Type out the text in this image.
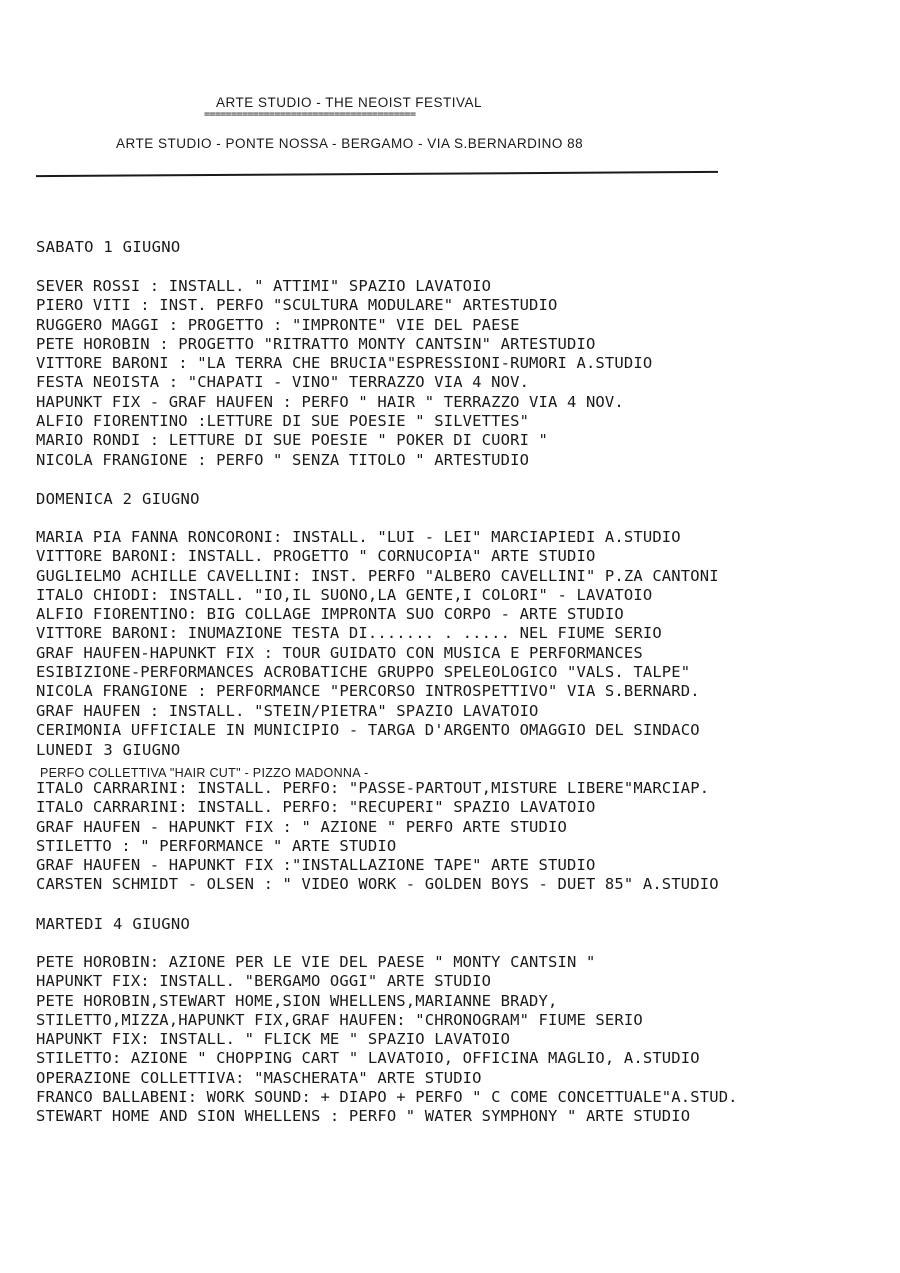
ARTE STUDIO - THE NEOIST FESTIVAL
=======================================
ARTE STUDIO - PONTE NOSSA - BERGAMO - VIA S.BERNARDINO 88
SABATO 1 GIUGNO
SEVER ROSSI : INSTALL. " ATTIMI" SPAZIO LAVATOIO
PIERO VITI : INST. PERFO "SCULTURA MODULARE" ARTESTUDIO
RUGGERO MAGGI : PROGETTO : "IMPRONTE" VIE DEL PAESE
PETE HOROBIN : PROGETTO "RITRATTO MONTY CANTSIN" ARTESTUDIO
VITTORE BARONI : "LA TERRA CHE BRUCIA"ESPRESSIONI-RUMORI A.STUDIO
FESTA NEOISTA : "CHAPATI - VINO" TERRAZZO VIA 4 NOV.
HAPUNKT FIX - GRAF HAUFEN : PERFO " HAIR " TERRAZZO VIA 4 NOV.
ALFIO FIORENTINO :LETTURE DI SUE POESIE " SILVETTES"
MARIO RONDI : LETTURE DI SUE POESIE " POKER DI CUORI "
NICOLA FRANGIONE : PERFO " SENZA TITOLO " ARTESTUDIO
DOMENICA 2 GIUGNO
MARIA PIA FANNA RONCORONI: INSTALL. "LUI - LEI" MARCIAPIEDI A.STUDIO
VITTORE BARONI: INSTALL. PROGETTO " CORNUCOPIA" ARTE STUDIO
GUGLIELMO ACHILLE CAVELLINI: INST. PERFO "ALBERO CAVELLINI" P.ZA CANTONI
ITALO CHIODI: INSTALL. "IO,IL SUONO,LA GENTE,I COLORI" - LAVATOIO
ALFIO FIORENTINO: BIG COLLAGE IMPRONTA SUO CORPO - ARTE STUDIO
VITTORE BARONI: INUMAZIONE TESTA DI....... . ..... NEL FIUME SERIO
GRAF HAUFEN-HAPUNKT FIX : TOUR GUIDATO CON MUSICA E PERFORMANCES
ESIBIZIONE-PERFORMANCES ACROBATICHE GRUPPO SPELEOLOGICO "VALS. TALPE"
NICOLA FRANGIONE : PERFORMANCE "PERCORSO INTROSPETTIVO" VIA S.BERNARD.
GRAF HAUFEN : INSTALL. "STEIN/PIETRA" SPAZIO LAVATOIO
CERIMONIA UFFICIALE IN MUNICIPIO - TARGA D'ARGENTO OMAGGIO DEL SINDACO
LUNEDI 3 GIUGNO
PERFO COLLETTIVA "HAIR CUT" - PIZZO MADONNA -
ITALO CARRARINI: INSTALL. PERFO: "PASSE-PARTOUT,MISTURE LIBERE"MARCIAP.
ITALO CARRARINI: INSTALL. PERFO: "RECUPERI" SPAZIO LAVATOIO
GRAF HAUFEN - HAPUNKT FIX : " AZIONE " PERFO ARTE STUDIO
STILETTO : " PERFORMANCE " ARTE STUDIO
GRAF HAUFEN - HAPUNKT FIX :"INSTALLAZIONE TAPE" ARTE STUDIO
CARSTEN SCHMIDT - OLSEN : " VIDEO WORK - GOLDEN BOYS - DUET 85" A.STUDIO
MARTEDI 4 GIUGNO
PETE HOROBIN: AZIONE PER LE VIE DEL PAESE " MONTY CANTSIN "
HAPUNKT FIX: INSTALL. "BERGAMO OGGI" ARTE STUDIO
PETE HOROBIN,STEWART HOME,SION WHELLENS,MARIANNE BRADY,
STILETTO,MIZZA,HAPUNKT FIX,GRAF HAUFEN: "CHRONOGRAM" FIUME SERIO
HAPUNKT FIX: INSTALL. " FLICK ME " SPAZIO LAVATOIO
STILETTO: AZIONE " CHOPPING CART " LAVATOIO, OFFICINA MAGLIO, A.STUDIO
OPERAZIONE COLLETTIVA: "MASCHERATA" ARTE STUDIO
FRANCO BALLABENI: WORK SOUND: + DIAPO + PERFO " C COME CONCETTUALE"A.STUD.
STEWART HOME AND SION WHELLENS : PERFO " WATER SYMPHONY " ARTE STUDIO
